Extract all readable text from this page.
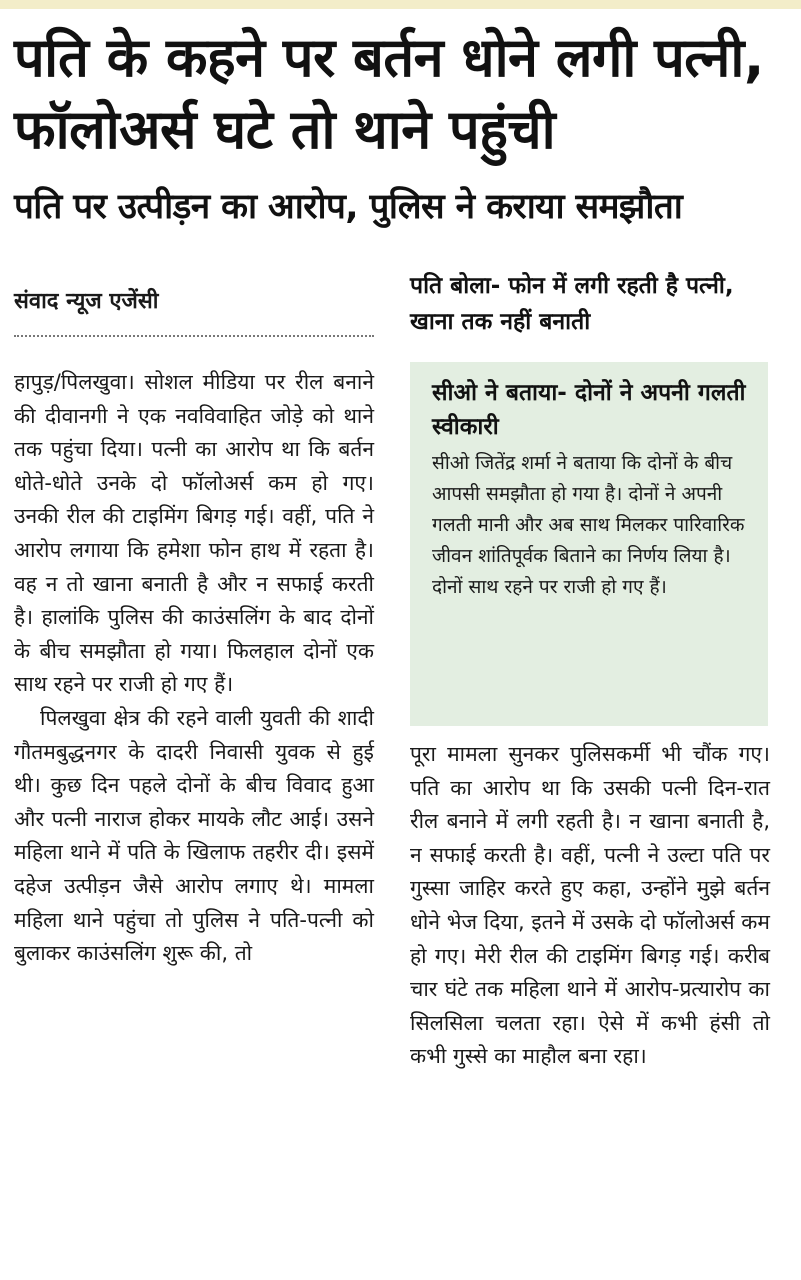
पति के कहने पर बर्तन धोने लगी पत्नी, फॉलोअर्स घटे तो थाने पहुंची
पति पर उत्पीड़न का आरोप, पुलिस ने कराया समझौता
संवाद न्यूज एजेंसी

हापुड़/पिलखुवा। सोशल मीडिया पर रील बनाने की दीवानगी ने एक नवविवाहित जोड़े को थाने तक पहुंचा दिया। पत्नी का आरोप था कि बर्तन धोते-धोते उनके दो फॉलोअर्स कम हो गए। उनकी रील की टाइमिंग बिगड़ गई। वहीं, पति ने आरोप लगाया कि हमेशा फोन हाथ में रहता है। वह न तो खाना बनाती है और न सफाई करती है। हालांकि पुलिस की काउंसलिंग के बाद दोनों के बीच समझौता हो गया। फिलहाल दोनों एक साथ रहने पर राजी हो गए हैं।

पिलखुवा क्षेत्र की रहने वाली युवती की शादी गौतमबुद्धनगर के दादरी निवासी युवक से हुई थी। कुछ दिन पहले दोनों के बीच विवाद हुआ और पत्नी नाराज होकर मायके लौट आई। उसने महिला थाने में पति के खिलाफ तहरीर दी। इसमें दहेज उत्पीड़न जैसे आरोप लगाए थे। मामला महिला थाने पहुंचा तो पुलिस ने पति-पत्नी को बुलाकर काउंसलिंग शुरू की, तो

पति बोला- फोन में लगी रहती है पत्नी, खाना तक नहीं बनाती

सीओ ने बताया- दोनों ने अपनी गलती स्वीकारी

सीओ जितेंद्र शर्मा ने बताया कि दोनों के बीच आपसी समझौता हो गया है। दोनों ने अपनी गलती मानी और अब साथ मिलकर पारिवारिक जीवन शांतिपूर्वक बिताने का निर्णय लिया है। दोनों साथ रहने पर राजी हो गए हैं।

पूरा मामला सुनकर पुलिसकर्मी भी चौंक गए। पति का आरोप था कि उसकी पत्नी दिन-रात रील बनाने में लगी रहती है। न खाना बनाती है, न सफाई करती है। वहीं, पत्नी ने उल्टा पति पर गुस्सा जाहिर करते हुए कहा, उन्होंने मुझे बर्तन धोने भेज दिया, इतने में उसके दो फॉलोअर्स कम हो गए। मेरी रील की टाइमिंग बिगड़ गई। करीब चार घंटे तक महिला थाने में आरोप-प्रत्यारोप का सिलसिला चलता रहा। ऐसे में कभी हंसी तो कभी गुस्से का माहौल बना रहा।
